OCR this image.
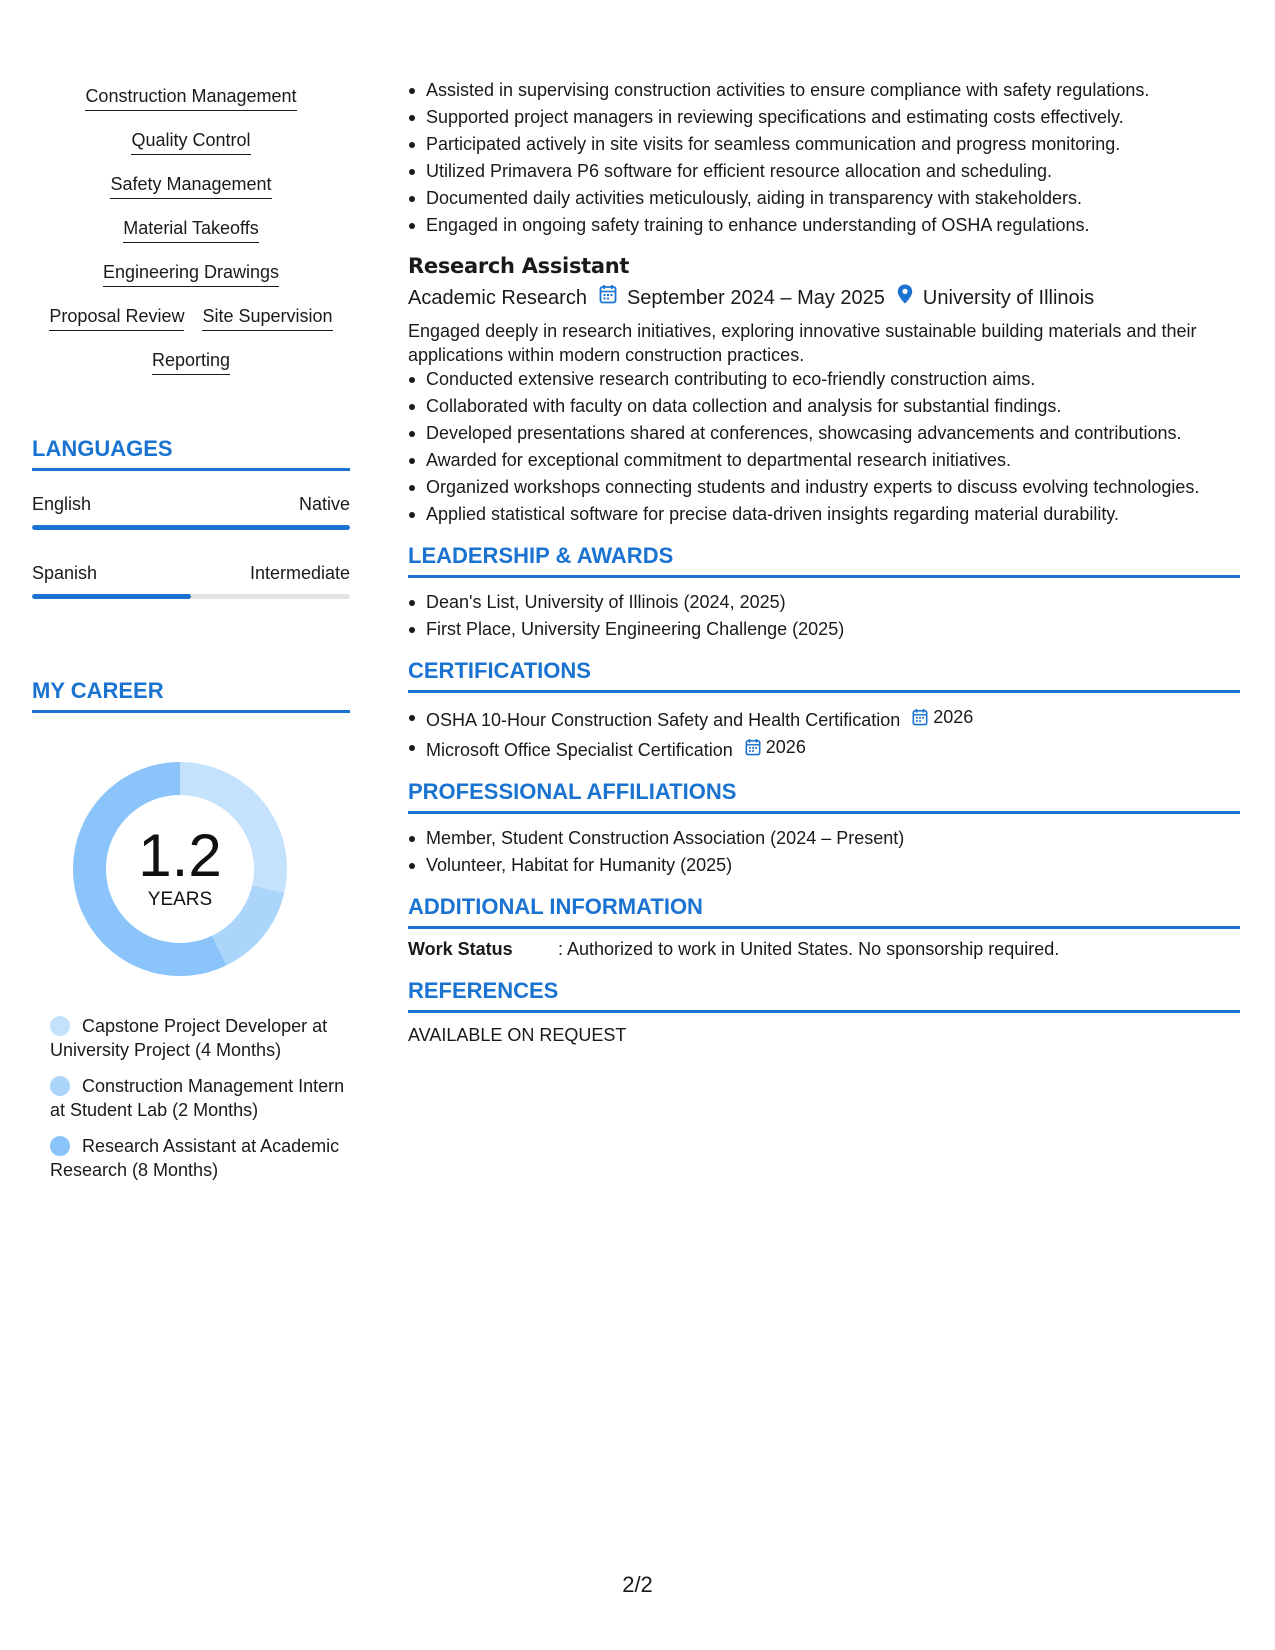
Construction Management
Quality Control
Safety Management
Material Takeoffs
Engineering Drawings
Proposal Review Site Supervision
Reporting
LANGUAGES
English	Native
Spanish	Intermediate
MY CAREER
1.2
YEARS
Capstone Project Developer at University Project (4 Months)
Construction Management Intern at Student Lab (2 Months)
Research Assistant at Academic Research (8 Months)
Assisted in supervising construction activities to ensure compliance with safety regulations.
Supported project managers in reviewing specifications and estimating costs effectively.
Participated actively in site visits for seamless communication and progress monitoring.
Utilized Primavera P6 software for efficient resource allocation and scheduling.
Documented daily activities meticulously, aiding in transparency with stakeholders.
Engaged in ongoing safety training to enhance understanding of OSHA regulations.
Research Assistant
Academic Research September 2024 – May 2025 University of Illinois
Engaged deeply in research initiatives, exploring innovative sustainable building materials and their applications within modern construction practices.
Conducted extensive research contributing to eco-friendly construction aims.
Collaborated with faculty on data collection and analysis for substantial findings.
Developed presentations shared at conferences, showcasing advancements and contributions.
Awarded for exceptional commitment to departmental research initiatives.
Organized workshops connecting students and industry experts to discuss evolving technologies.
Applied statistical software for precise data-driven insights regarding material durability.
LEADERSHIP & AWARDS
Dean's List, University of Illinois (2024, 2025)
First Place, University Engineering Challenge (2025)
CERTIFICATIONS
OSHA 10-Hour Construction Safety and Health Certification 2026
Microsoft Office Specialist Certification 2026
PROFESSIONAL AFFILIATIONS
Member, Student Construction Association (2024 – Present)
Volunteer, Habitat for Humanity (2025)
ADDITIONAL INFORMATION
Work Status	: Authorized to work in United States. No sponsorship required.
REFERENCES
AVAILABLE ON REQUEST
2/2
